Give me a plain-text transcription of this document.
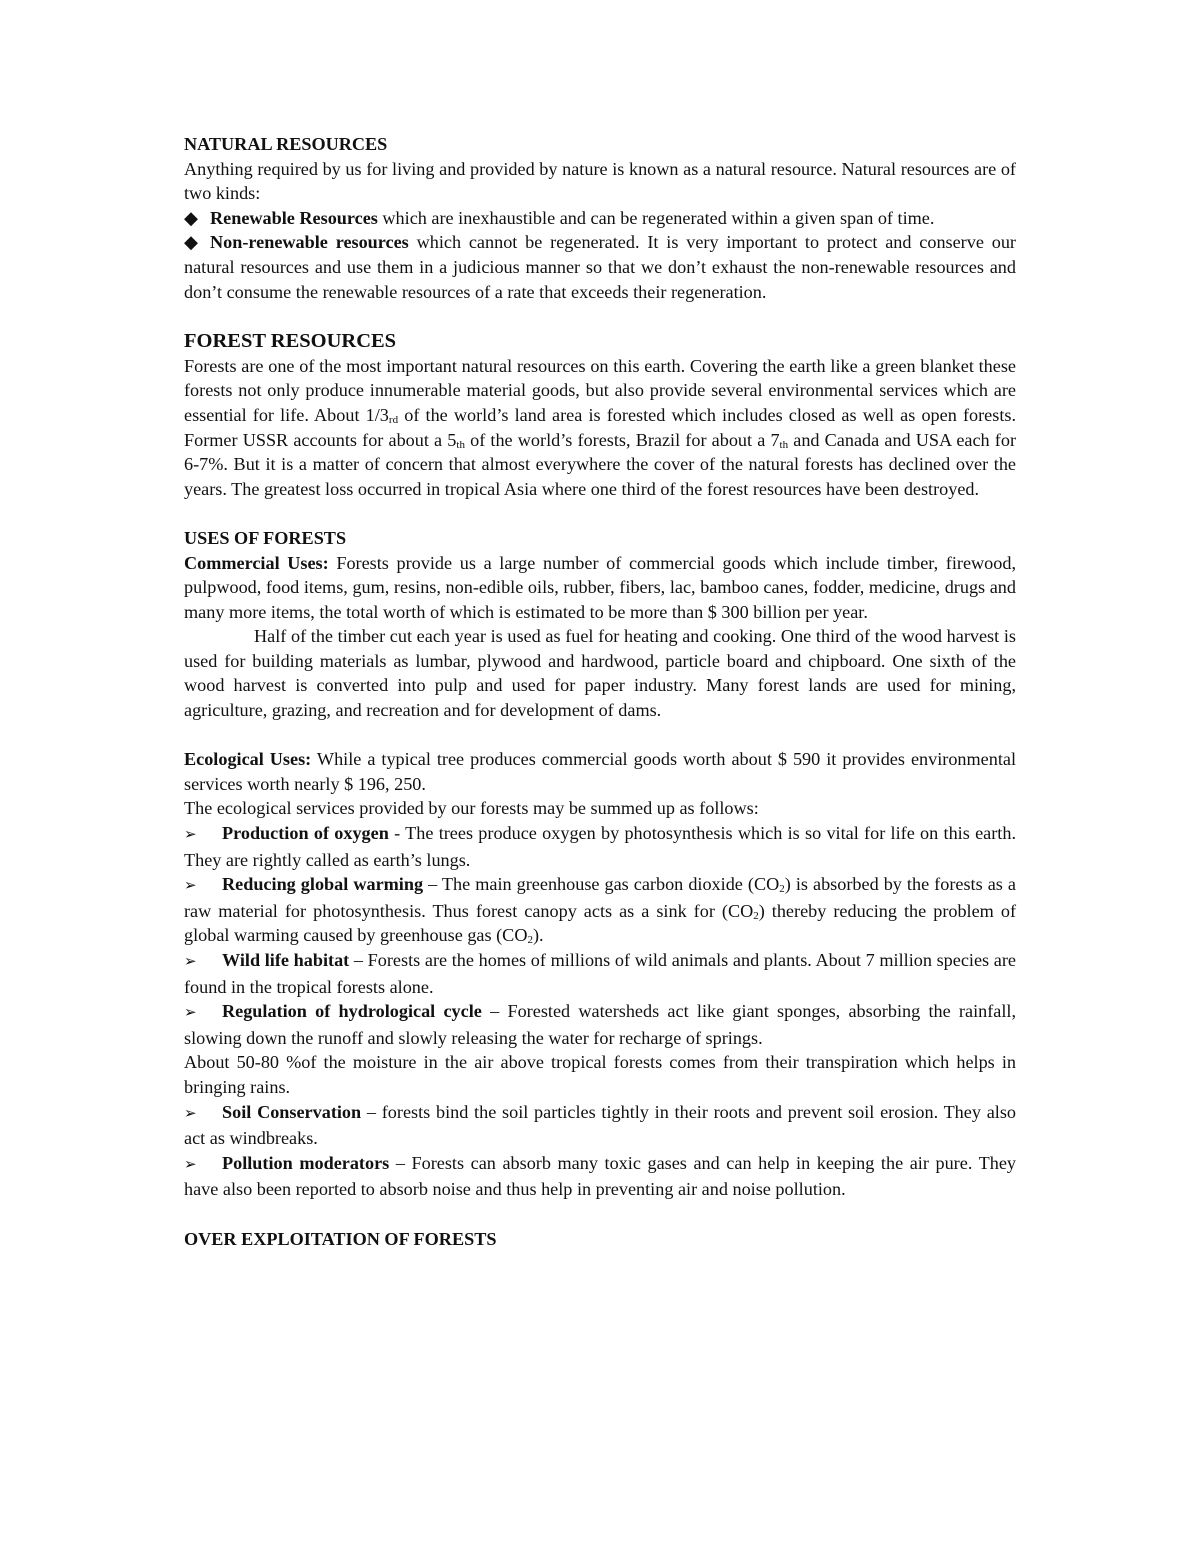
NATURAL RESOURCES

Anything required by us for living and provided by nature is known as a natural resource. Natural resources are of two kinds:

◆ Renewable Resources which are inexhaustible and can be regenerated within a given span of time.

◆ Non-renewable resources which cannot be regenerated. It is very important to protect and conserve our natural resources and use them in a judicious manner so that we don’t exhaust the non-renewable resources and don’t consume the renewable resources of a rate that exceeds their regeneration.

FOREST RESOURCES

Forests are one of the most important natural resources on this earth. Covering the earth like a green blanket these forests not only produce innumerable material goods, but also provide several environmental services which are essential for life. About $1/3_{rd}$ of the world’s land area is forested which includes closed as well as open forests. Former USSR accounts for about a $5_{th}$ of the world’s forests, Brazil for about a $7_{th}$ and Canada and USA each for 6-7%. But it is a matter of concern that almost everywhere the cover of the natural forests has declined over the years. The greatest loss occurred in tropical Asia where one third of the forest resources have been destroyed.

USES OF FORESTS

Commercial Uses: Forests provide us a large number of commercial goods which include timber, firewood, pulpwood, food items, gum, resins, non-edible oils, rubber, fibers, lac, bamboo canes, fodder, medicine, drugs and many more items, the total worth of which is estimated to be more than $ 300 billion per year.

Half of the timber cut each year is used as fuel for heating and cooking. One third of the wood harvest is used for building materials as lumbar, plywood and hardwood, particle board and chipboard. One sixth of the wood harvest is converted into pulp and used for paper industry. Many forest lands are used for mining, agriculture, grazing, and recreation and for development of dams.

Ecological Uses: While a typical tree produces commercial goods worth about $ 590 it provides environmental services worth nearly $ 196, 250.

The ecological services provided by our forests may be summed up as follows:

➢ Production of oxygen - The trees produce oxygen by photosynthesis which is so vital for life on this earth. They are rightly called as earth’s lungs.

➢ Reducing global warming – The main greenhouse gas carbon dioxide $(CO_2)$ is absorbed by the forests as a raw material for photosynthesis. Thus forest canopy acts as a sink for $(CO_2)$ thereby reducing the problem of global warming caused by greenhouse gas $(CO_2)$.

➢ Wild life habitat – Forests are the homes of millions of wild animals and plants. About 7 million species are found in the tropical forests alone.

➢ Regulation of hydrological cycle – Forested watersheds act like giant sponges, absorbing the rainfall, slowing down the runoff and slowly releasing the water for recharge of springs.

About 50-80 %of the moisture in the air above tropical forests comes from their transpiration which helps in bringing rains.

➢ Soil Conservation – forests bind the soil particles tightly in their roots and prevent soil erosion. They also act as windbreaks.

➢ Pollution moderators – Forests can absorb many toxic gases and can help in keeping the air pure. They have also been reported to absorb noise and thus help in preventing air and noise pollution.

OVER EXPLOITATION OF FORESTS
